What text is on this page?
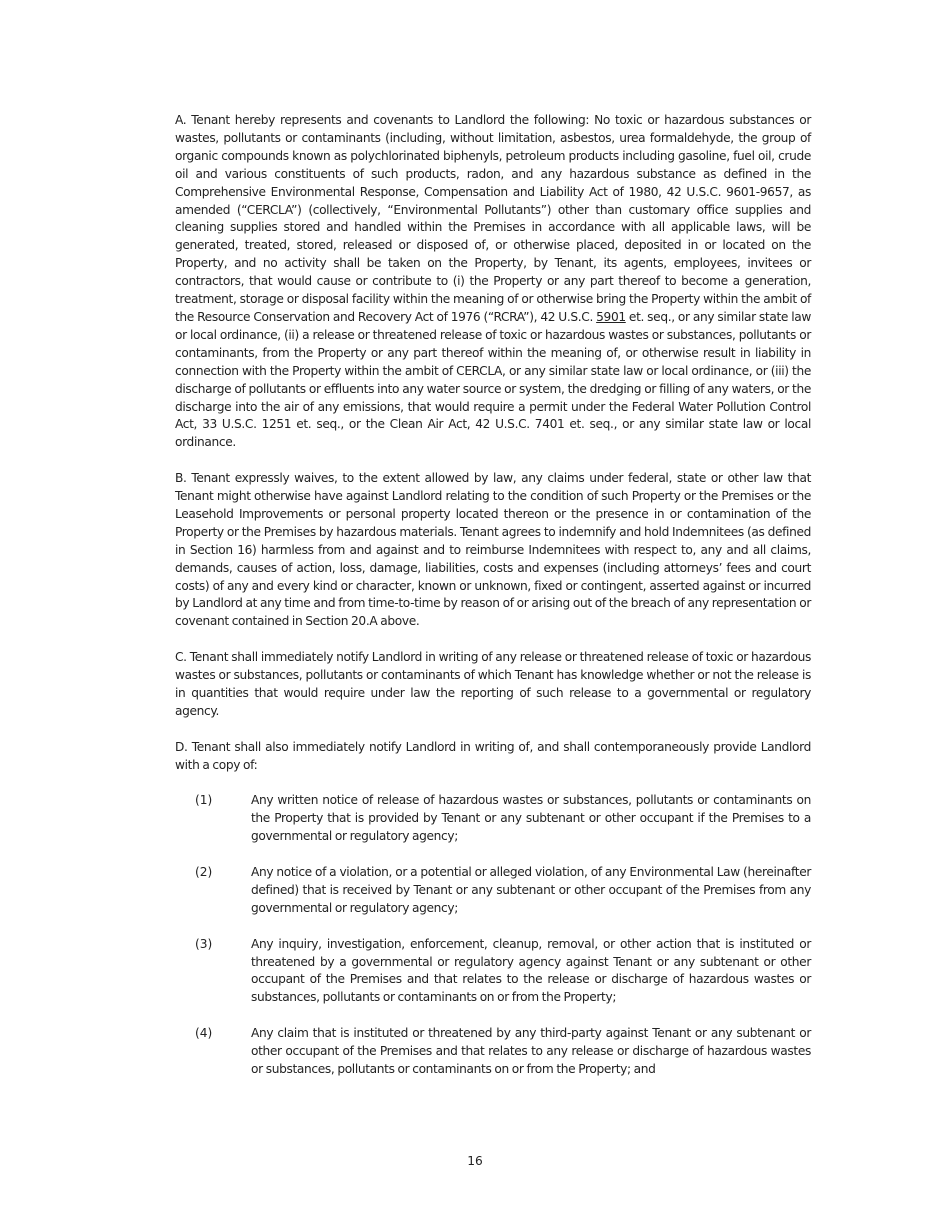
A. Tenant hereby represents and covenants to Landlord the following: No toxic or hazardous substances or wastes, pollutants or contaminants (including, without limitation, asbestos, urea formaldehyde, the group of organic compounds known as polychlorinated biphenyls, petroleum products including gasoline, fuel oil, crude oil and various constituents of such products, radon, and any hazardous substance as defined in the Comprehensive Environmental Response, Compensation and Liability Act of 1980, 42 U.S.C. 9601-9657, as amended (“CERCLA”) (collectively, “Environmental Pollutants”) other than customary office supplies and cleaning supplies stored and handled within the Premises in accordance with all applicable laws, will be generated, treated, stored, released or disposed of, or otherwise placed, deposited in or located on the Property, and no activity shall be taken on the Property, by Tenant, its agents, employees, invitees or contractors, that would cause or contribute to (i) the Property or any part thereof to become a generation, treatment, storage or disposal facility within the meaning of or otherwise bring the Property within the ambit of the Resource Conservation and Recovery Act of 1976 (“RCRA”), 42 U.S.C. 5901 et. seq., or any similar state law or local ordinance, (ii) a release or threatened release of toxic or hazardous wastes or substances, pollutants or contaminants, from the Property or any part thereof within the meaning of, or otherwise result in liability in connection with the Property within the ambit of CERCLA, or any similar state law or local ordinance, or (iii) the discharge of pollutants or effluents into any water source or system, the dredging or filling of any waters, or the discharge into the air of any emissions, that would require a permit under the Federal Water Pollution Control Act, 33 U.S.C. 1251 et. seq., or the Clean Air Act, 42 U.S.C. 7401 et. seq., or any similar state law or local ordinance.

B. Tenant expressly waives, to the extent allowed by law, any claims under federal, state or other law that Tenant might otherwise have against Landlord relating to the condition of such Property or the Premises or the Leasehold Improvements or personal property located thereon or the presence in or contamination of the Property or the Premises by hazardous materials. Tenant agrees to indemnify and hold Indemnitees (as defined in Section 16) harmless from and against and to reimburse Indemnitees with respect to, any and all claims, demands, causes of action, loss, damage, liabilities, costs and expenses (including attorneys’ fees and court costs) of any and every kind or character, known or unknown, fixed or contingent, asserted against or incurred by Landlord at any time and from time-to-time by reason of or arising out of the breach of any representation or covenant contained in Section 20.A above.

C. Tenant shall immediately notify Landlord in writing of any release or threatened release of toxic or hazardous wastes or substances, pollutants or contaminants of which Tenant has knowledge whether or not the release is in quantities that would require under law the reporting of such release to a governmental or regulatory agency.

D. Tenant shall also immediately notify Landlord in writing of, and shall contemporaneously provide Landlord with a copy of:

(1)	Any written notice of release of hazardous wastes or substances, pollutants or contaminants on the Property that is provided by Tenant or any subtenant or other occupant if the Premises to a governmental or regulatory agency;
(2)	Any notice of a violation, or a potential or alleged violation, of any Environmental Law (hereinafter defined) that is received by Tenant or any subtenant or other occupant of the Premises from any governmental or regulatory agency;
(3)	Any inquiry, investigation, enforcement, cleanup, removal, or other action that is instituted or threatened by a governmental or regulatory agency against Tenant or any subtenant or other occupant of the Premises and that relates to the release or discharge of hazardous wastes or substances, pollutants or contaminants on or from the Property;
(4)	Any claim that is instituted or threatened by any third-party against Tenant or any subtenant or other occupant of the Premises and that relates to any release or discharge of hazardous wastes or substances, pollutants or contaminants on or from the Property; and
16
